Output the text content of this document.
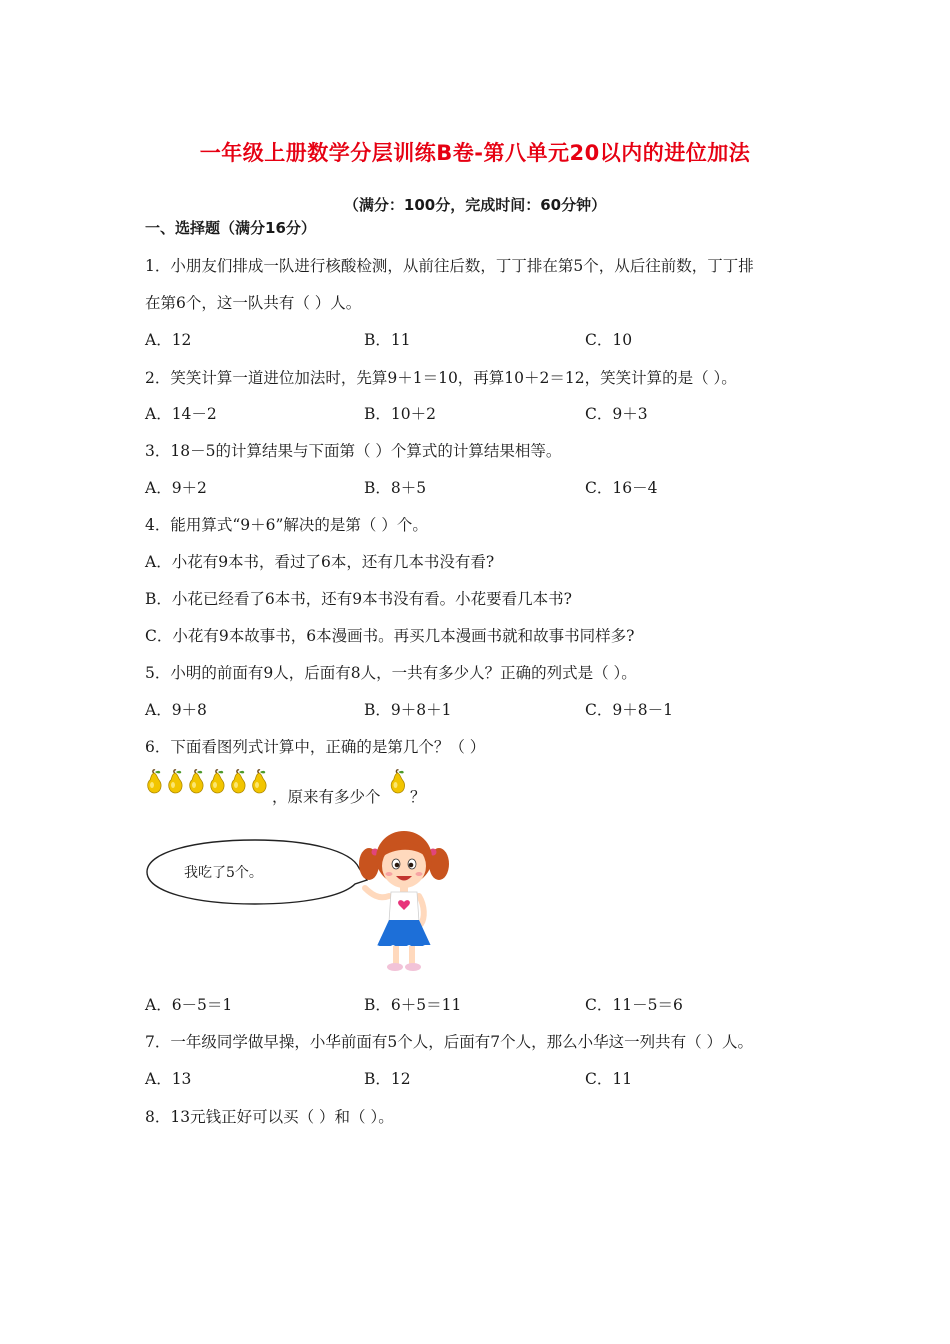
一年级上册数学分层训练B卷-第八单元20以内的进位加法
（满分：100分，完成时间：60分钟）
一、选择题（满分16分）
1．小朋友们排成一队进行核酸检测，从前往后数，丁丁排在第5个，从后往前数，丁丁排
在第6个，这一队共有（ ）人。
A．12	B．11	C．10
2．笑笑计算一道进位加法时，先算9＋1＝10，再算10＋2＝12，笑笑计算的是（ ）。
A．14－2	B．10＋2	C．9＋3
3．18－5的计算结果与下面第（ ）个算式的计算结果相等。
A．9＋2	B．8＋5	C．16－4
4．能用算式“9＋6”解决的是第（ ）个。
A．小花有9本书，看过了6本，还有几本书没有看?
B．小花已经看了6本书，还有9本书没有看。小花要看几本书?
C．小花有9本故事书，6本漫画书。再买几本漫画书就和故事书同样多?
5．小明的前面有9人，后面有8人，一共有多少人？正确的列式是（ ）。
A．9＋8	B．9＋8＋1	C．9＋8－1
6．下面看图列式计算中，正确的是第几个？（ ）
，原来有多少个 ？
我吃了5个。
A．6－5＝1	B．6＋5＝11	C．11－5＝6
7．一年级同学做早操，小华前面有5个人，后面有7个人，那么小华这一列共有（ ）人。
A．13	B．12	C．11
8．13元钱正好可以买（ ）和（ ）。
